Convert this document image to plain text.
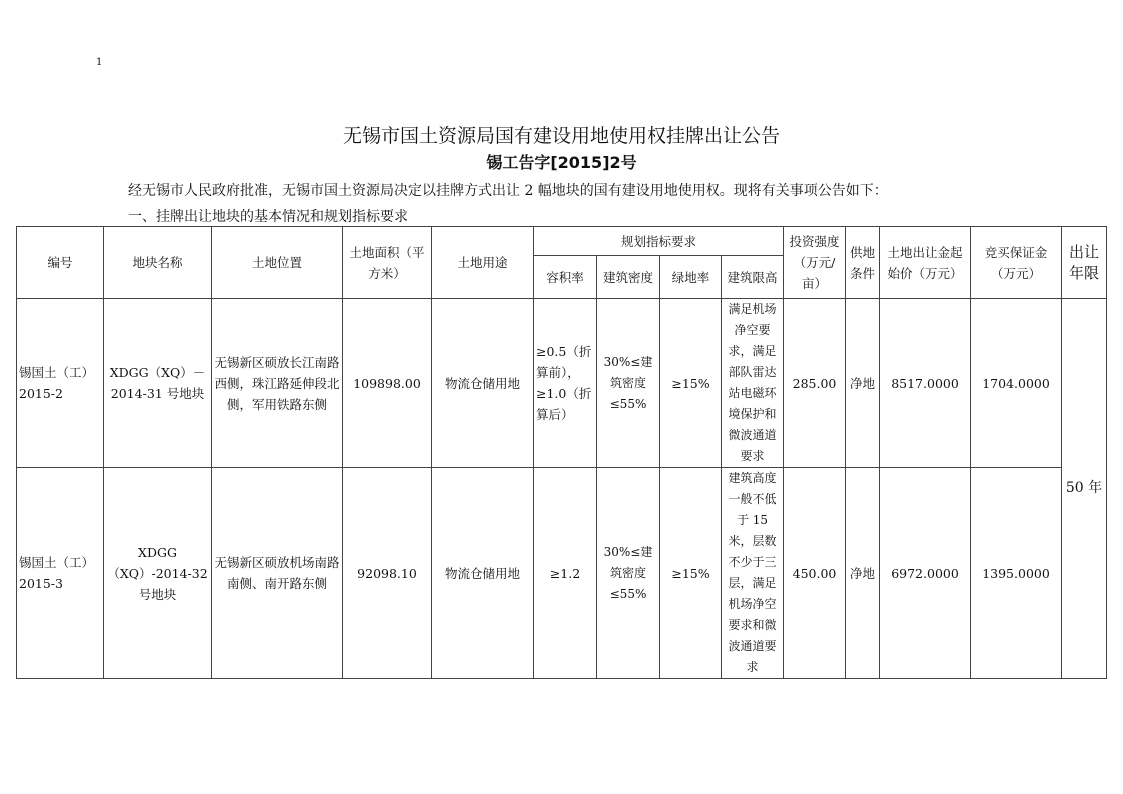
1
无锡市国土资源局国有建设用地使用权挂牌出让公告
锡工告字[2015]2号
经无锡市人民政府批准，无锡市国土资源局决定以挂牌方式出让 2 幅地块的国有建设用地使用权。现将有关事项公告如下：
一、挂牌出让地块的基本情况和规划指标要求
编号	地块名称	土地位置	土地面积（平方米）	土地用途	规划指标要求				投资强度（万元/亩）	供地条件	土地出让金起始价（万元）	竞买保证金（万元）	出让年限
					容积率	建筑密度	绿地率	建筑限高					
锡国土（工）2015-2	XDGG（XQ）－2014-31 号地块	无锡新区硕放长江南路西侧，珠江路延伸段北侧，军用铁路东侧	109898.00	物流仓储用地	≥0.5（折算前），≥1.0（折算后）	30%≤建筑密度≤55%	≥15%	满足机场净空要求，满足部队雷达站电磁环境保护和微波通道要求	285.00	净地	8517.0000	1704.0000	50 年
锡国土（工）2015-3	XDGG（XQ）-2014-32 号地块	无锡新区硕放机场南路南侧、南开路东侧	92098.10	物流仓储用地	≥1.2	30%≤建筑密度≤55%	≥15%	建筑高度一般不低于 15 米，层数不少于三层，满足机场净空要求和微波通道要求	450.00	净地	6972.0000	1395.0000	
